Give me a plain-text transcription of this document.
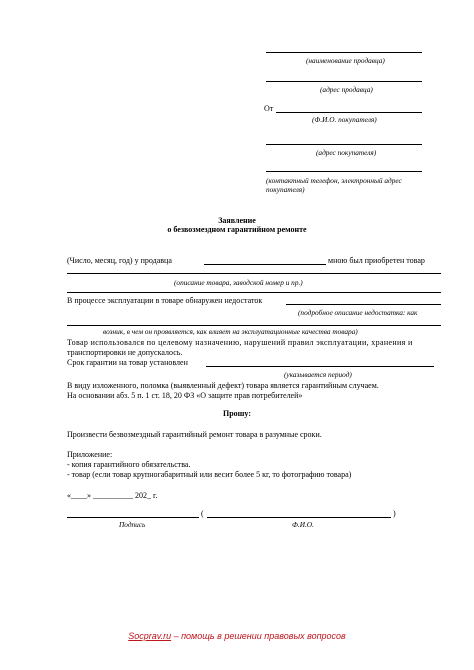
(наименование продавца)
(адрес продавца)
От
(Ф.И.О. покупателя)
(адрес покупателя)
(контактный телефон, электронный адрес
покупателя)
Заявление
о безвозмездном гарантийном ремонте
(Число, месяц, год) у продавца	мною был приобретен товар
(описание товара, заводской номер и пр.)
В процессе эксплуатации в товаре обнаружен недостаток
(подробное описание недостатка: как
возник, в чем он проявляется, как влияет на эксплуатационные качества товара)
Товар использовался по целевому назначению, нарушений правил эксплуатации, хранения и
транспортировки не допускалось.
Срок гарантии на товар установлен
(указывается период)
В виду изложенного, поломка (выявленный дефект) товара является гарантийным случаем.
На основании абз. 5 п. 1 ст. 18, 20 ФЗ «О защите прав потребителей»
Прошу:
Произвести безвозмездный гарантийный ремонт товара в разумные сроки.
Приложение:
- копия гарантийного обязательства.
- товар (если товар крупногабаритный или весит более 5 кг, то фотографию товара)
«____» __________ 202_ г.
(	)
Подпись	Ф.И.О.
Socprav.ru – помощь в решении правовых вопросов
